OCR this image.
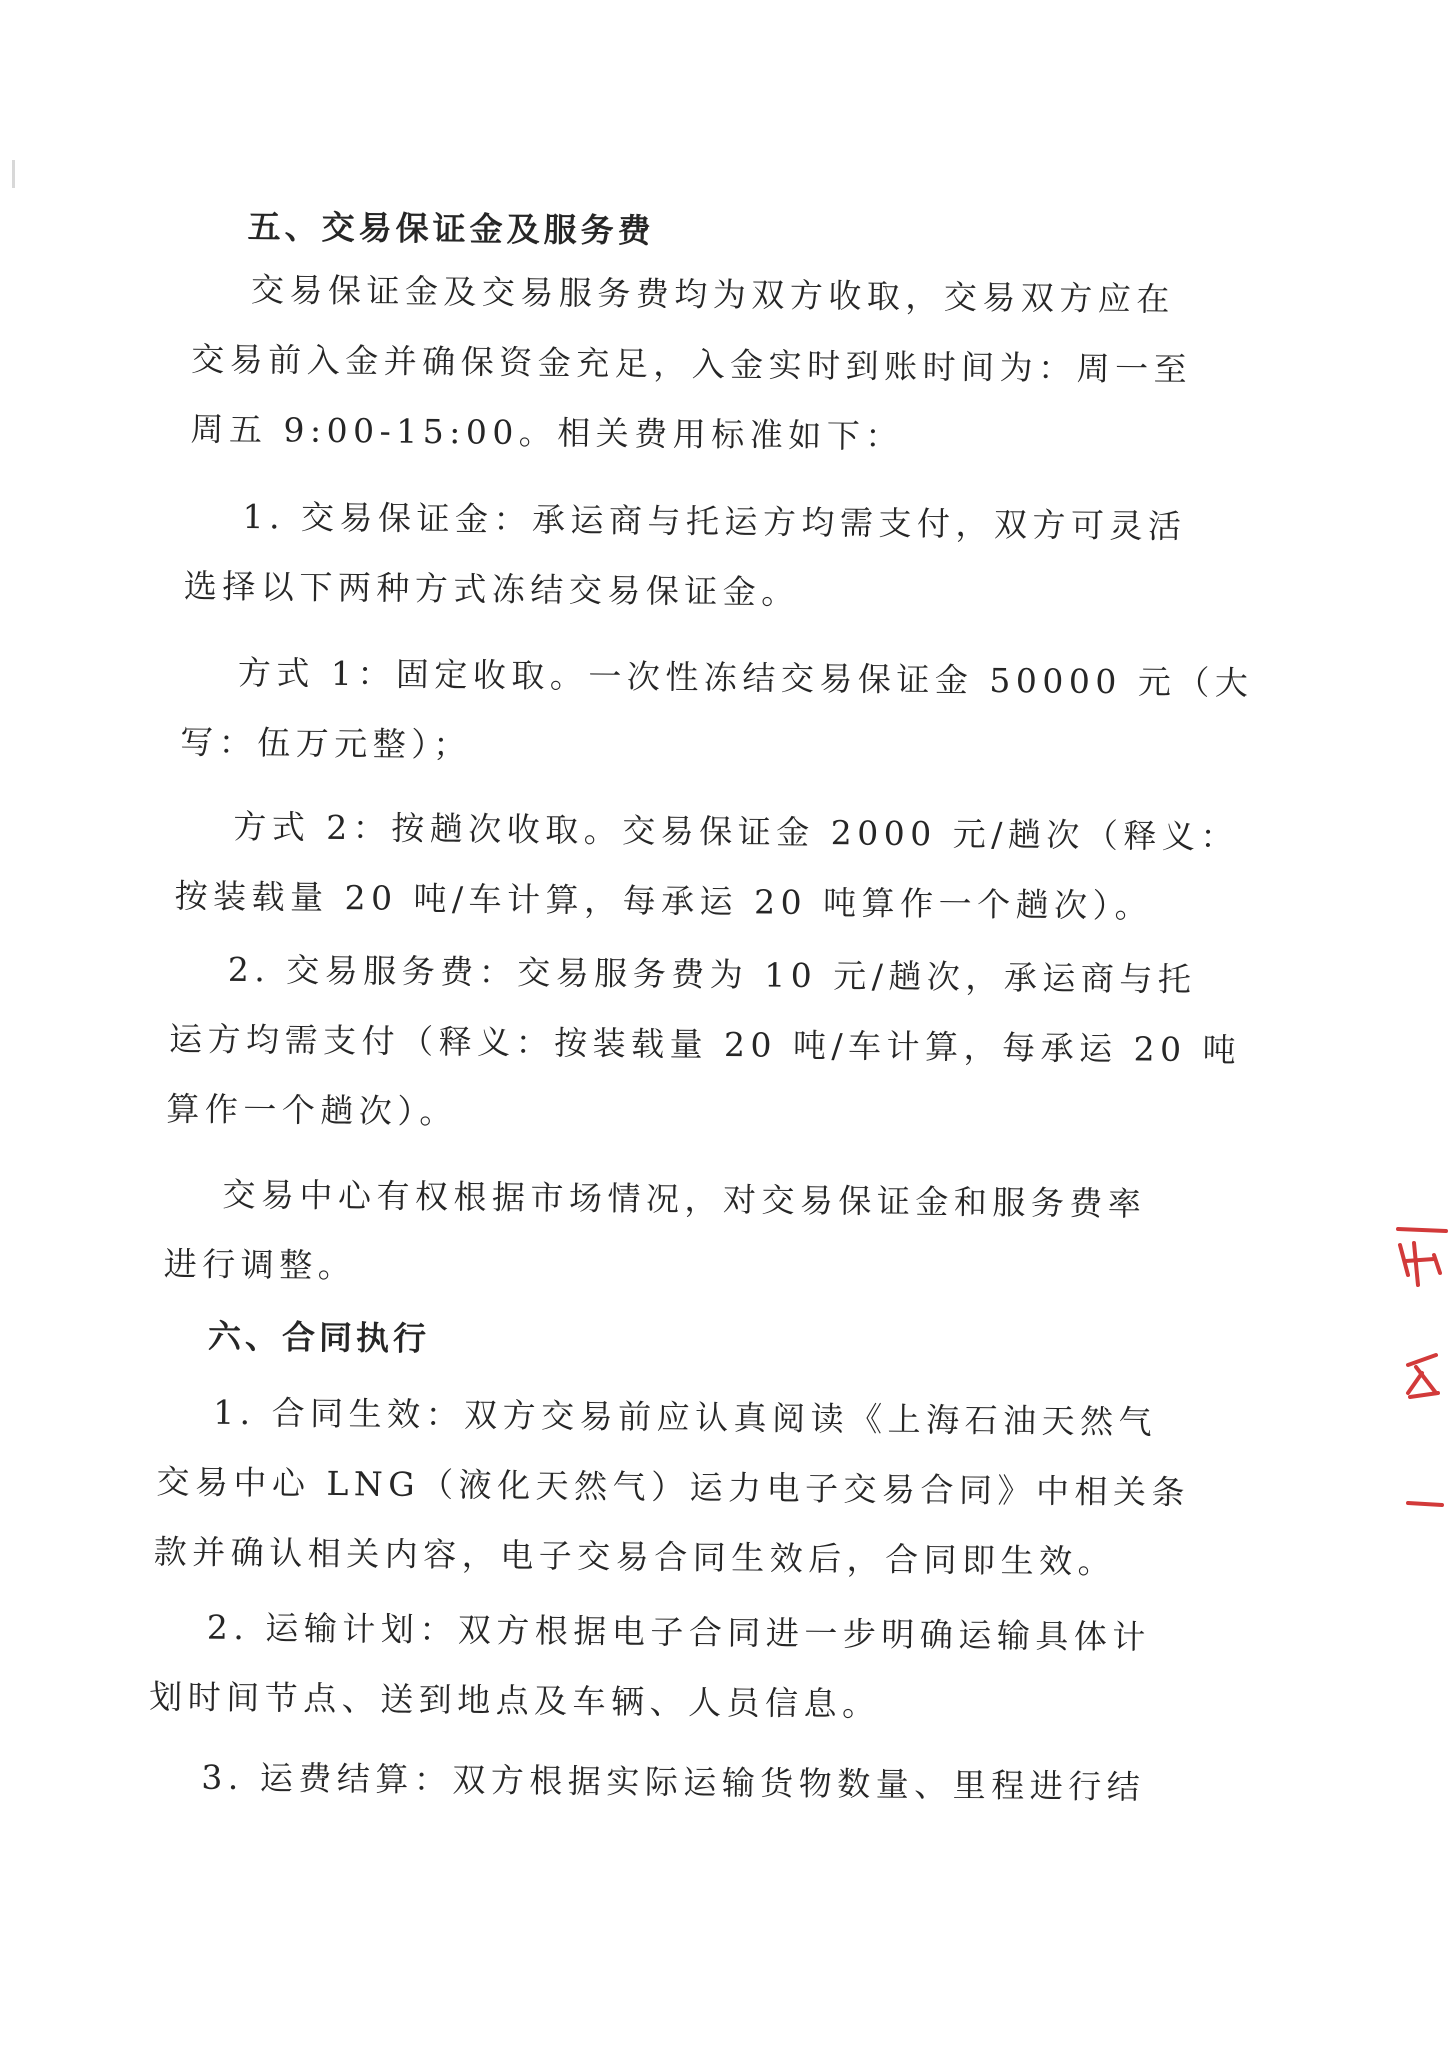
五、交易保证金及服务费
交易保证金及交易服务费均为双方收取，交易双方应在
交易前入金并确保资金充足，入金实时到账时间为：周一至
周五 9:00-15:00。相关费用标准如下：
1. 交易保证金：承运商与托运方均需支付，双方可灵活
选择以下两种方式冻结交易保证金。
方式 1：固定收取。一次性冻结交易保证金 50000 元（大
写：伍万元整）；
方式 2：按趟次收取。交易保证金 2000 元/趟次（释义：
按装载量 20 吨/车计算，每承运 20 吨算作一个趟次）。
2. 交易服务费：交易服务费为 10 元/趟次，承运商与托
运方均需支付（释义：按装载量 20 吨/车计算，每承运 20 吨
算作一个趟次）。
交易中心有权根据市场情况，对交易保证金和服务费率
进行调整。
六、合同执行
1. 合同生效：双方交易前应认真阅读《上海石油天然气
交易中心 LNG（液化天然气）运力电子交易合同》中相关条
款并确认相关内容，电子交易合同生效后，合同即生效。
2. 运输计划：双方根据电子合同进一步明确运输具体计
划时间节点、送到地点及车辆、人员信息。
3. 运费结算：双方根据实际运输货物数量、里程进行结
